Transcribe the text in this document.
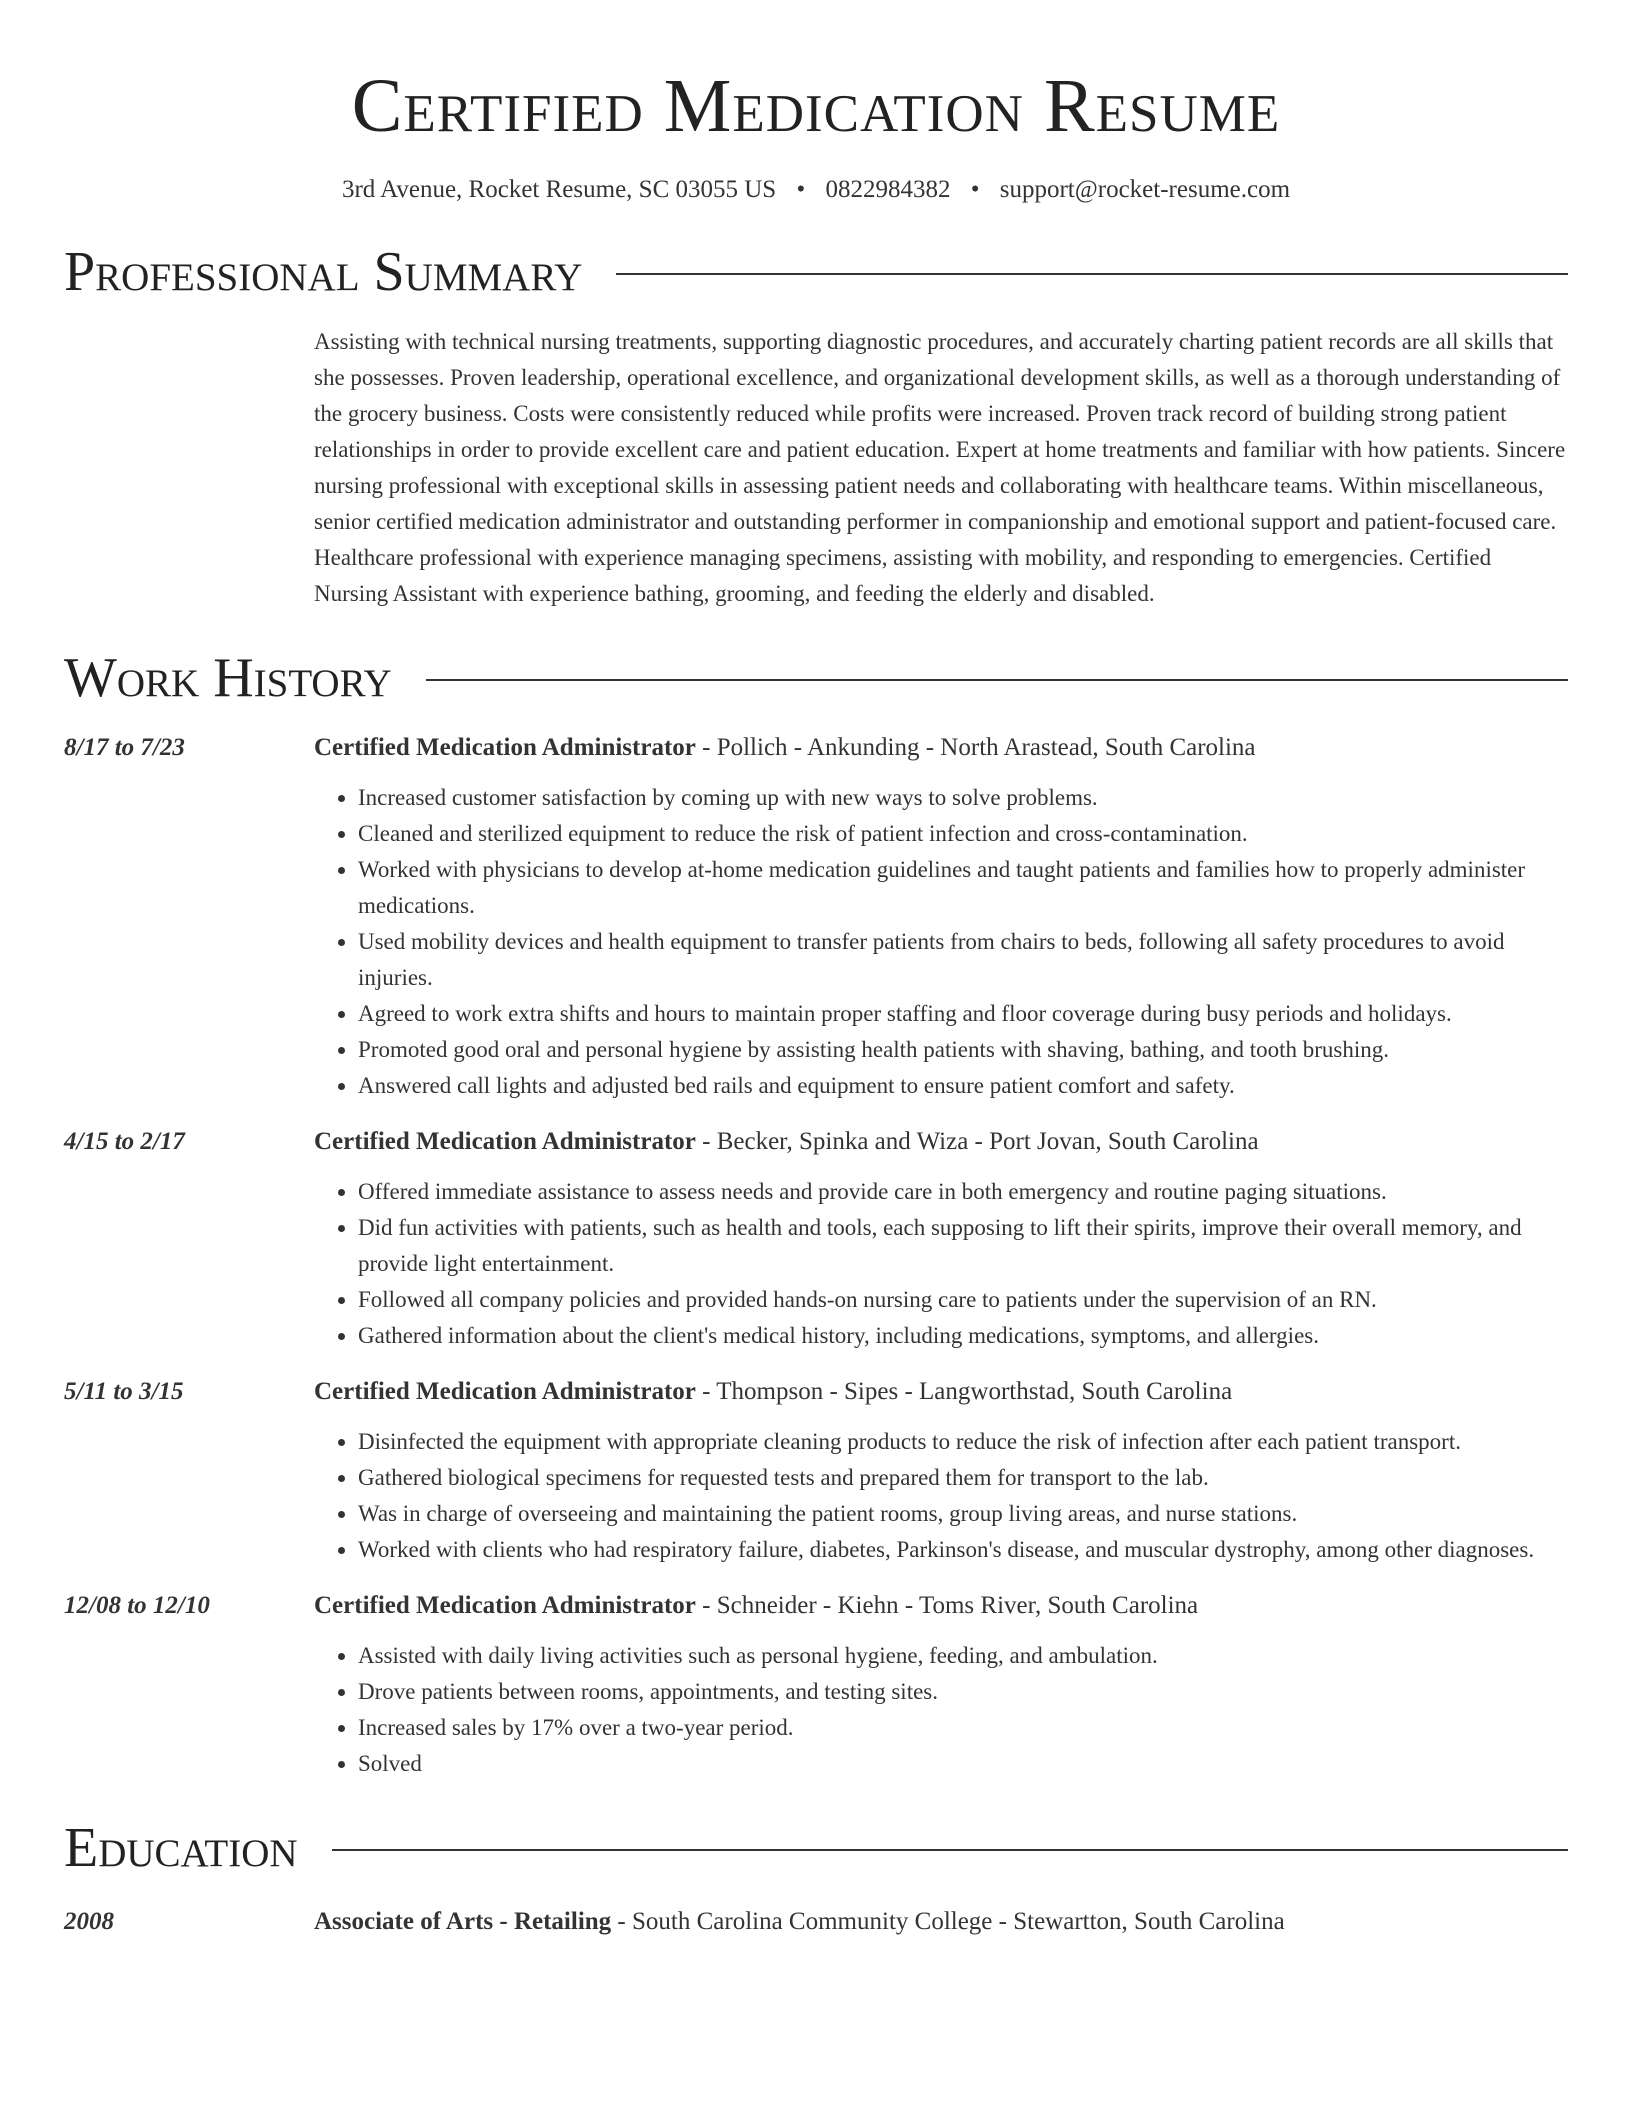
Certified Medication Resume
3rd Avenue, Rocket Resume, SC 03055 US • 0822984382 • support@rocket-resume.com
Professional Summary

Assisting with technical nursing treatments, supporting diagnostic procedures, and accurately charting patient records are all skills that she possesses. Proven leadership, operational excellence, and organizational development skills, as well as a thorough understanding of the grocery business. Costs were consistently reduced while profits were increased. Proven track record of building strong patient relationships in order to provide excellent care and patient education. Expert at home treatments and familiar with how patients. Sincere nursing professional with exceptional skills in assessing patient needs and collaborating with healthcare teams. Within miscellaneous, senior certified medication administrator and outstanding performer in companionship and emotional support and patient-focused care. Healthcare professional with experience managing specimens, assisting with mobility, and responding to emergencies. Certified Nursing Assistant with experience bathing, grooming, and feeding the elderly and disabled.

Work History
8/17 to 7/23	Certified Medication Administrator - Pollich - Ankunding - North Arastead, South Carolina
• Increased customer satisfaction by coming up with new ways to solve problems.
• Cleaned and sterilized equipment to reduce the risk of patient infection and cross-contamination.
• Worked with physicians to develop at-home medication guidelines and taught patients and families how to properly administer medications.
• Used mobility devices and health equipment to transfer patients from chairs to beds, following all safety procedures to avoid injuries.
• Agreed to work extra shifts and hours to maintain proper staffing and floor coverage during busy periods and holidays.
• Promoted good oral and personal hygiene by assisting health patients with shaving, bathing, and tooth brushing.
• Answered call lights and adjusted bed rails and equipment to ensure patient comfort and safety.
4/15 to 2/17	Certified Medication Administrator - Becker, Spinka and Wiza - Port Jovan, South Carolina
• Offered immediate assistance to assess needs and provide care in both emergency and routine paging situations.
• Did fun activities with patients, such as health and tools, each supposing to lift their spirits, improve their overall memory, and provide light entertainment.
• Followed all company policies and provided hands-on nursing care to patients under the supervision of an RN.
• Gathered information about the client's medical history, including medications, symptoms, and allergies.
5/11 to 3/15	Certified Medication Administrator - Thompson - Sipes - Langworthstad, South Carolina
• Disinfected the equipment with appropriate cleaning products to reduce the risk of infection after each patient transport.
• Gathered biological specimens for requested tests and prepared them for transport to the lab.
• Was in charge of overseeing and maintaining the patient rooms, group living areas, and nurse stations.
• Worked with clients who had respiratory failure, diabetes, Parkinson's disease, and muscular dystrophy, among other diagnoses.
12/08 to 12/10	Certified Medication Administrator - Schneider - Kiehn - Toms River, South Carolina
• Assisted with daily living activities such as personal hygiene, feeding, and ambulation.
• Drove patients between rooms, appointments, and testing sites.
• Increased sales by 17% over a two-year period.
• Solved
Education
2008	Associate of Arts - Retailing - South Carolina Community College - Stewartton, South Carolina
